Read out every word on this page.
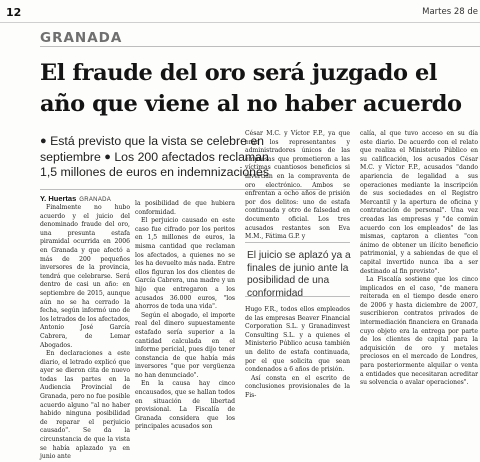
12	Martes 28 de
GRANADA
El fraude del oro será juzgado el
año que viene al no haber acuerdo
● Está previsto que la vista se celebre en
septiembre ● Los 200 afectados reclaman
1,5 millones de euros en indemnizaciones
Y. Huertas GRANADA

Finalmente no hubo acuerdo y el juicio del denominado fraude del oro, una presunta estafa piramidal ocurrida en 2006 en Granada y que afectó a más de 200 pequeños inversores de la provincia, tendrá que celebrarse. Será dentro de casi un año: en septiembre de 2015, aunque aún no se ha cerrado la fecha, según informó uno de los letrados de los afectados, Antonio José García Cabrera, de Lemar Abogados.

En declaraciones a este diario, el letrado explicó que ayer se dieron cita de nuevo todas las partes en la Audiencia Provincial de Granada, pero no fue posible acuerdo alguno "al no haber habido ninguna posibilidad de reparar el perjuicio causado". Se da la circunstancia de que la vista se había aplazado ya en junio ante

la posibilidad de que hubiera conformidad.

El perjuicio causado en este caso fue cifrado por los peritos en 1,5 millones de euros, la misma cantidad que reclaman los afectados, a quienes no se les ha devuelto más nada. Entre ellos figuran los dos clientes de García Cabrera, una madre y un hijo que entregaron a los acusados 36.000 euros, "los ahorros de toda una vida".

Según el abogado, el importe real del dinero supuestamente estafado sería superior a la cantidad calculada en el informe pericial, pues dijo tener constancia de que había más inversores "que por vergüenza no han denunciado".

En la causa hay cinco encausados, que se hallan todos en situación de libertad provisional. La Fiscalía de Granada considera que los principales acusados son

César M.C. y Víctor F.P., ya que eran los representantes y administradores únicos de las empresas que prometieron a las víctimas cuantiosos beneficios si invertían en la compraventa de oro electrónico. Ambos se enfrentan a ocho años de prisión por dos delitos: uno de estafa continuada y otro de falsedad en documento oficial. Los tres acusados restantes son Eva M.M., Fátima G.P. y

Hugo F.R., todos ellos empleados de las empresas Beaver Financial Corporation S.L. y Granadinvest Consulting S.L. y a quienes el Ministerio Público acusa también un delito de estafa continuada, por el que solicita que sean condenados a 6 años de prisión.

Así consta en el escrito de conclusiones provisionales de la Fis-

El juicio se aplazó ya a finales de junio ante la posibilidad de una conformidad

calía, al que tuvo acceso en su día este diario. De acuerdo con el relato que realiza el Ministerio Público en su calificación, los acusados César M.C. y Víctor F.P., acusados "dando apariencia de legalidad a sus operaciones mediante la inscripción de sus sociedades en el Registro Mercantil y la apertura de oficina y contratación de personal". Una vez creadas las empresas y "de común acuerdo con los empleados" de las mismas, captaron a clientes "con ánimo de obtener un ilícito beneficio patrimonial, y a sabiendas de que el capital invertido nunca iba a ser destinado al fin previsto".

La Fiscalía sostiene que los cinco implicados en el caso, "de manera reiterada en el tiempo desde enero de 2006 y hasta diciembre de 2007, suscribieron contratos privados de intermediación financiera en Granada cuyo objeto era la entrega por parte de los clientes de capital para la adquisición de oro y metales preciosos en el mercado de Londres, para posteriormente alquilar o venta a entidades que necesitaran acreditar su solvencia o avalar operaciones".
